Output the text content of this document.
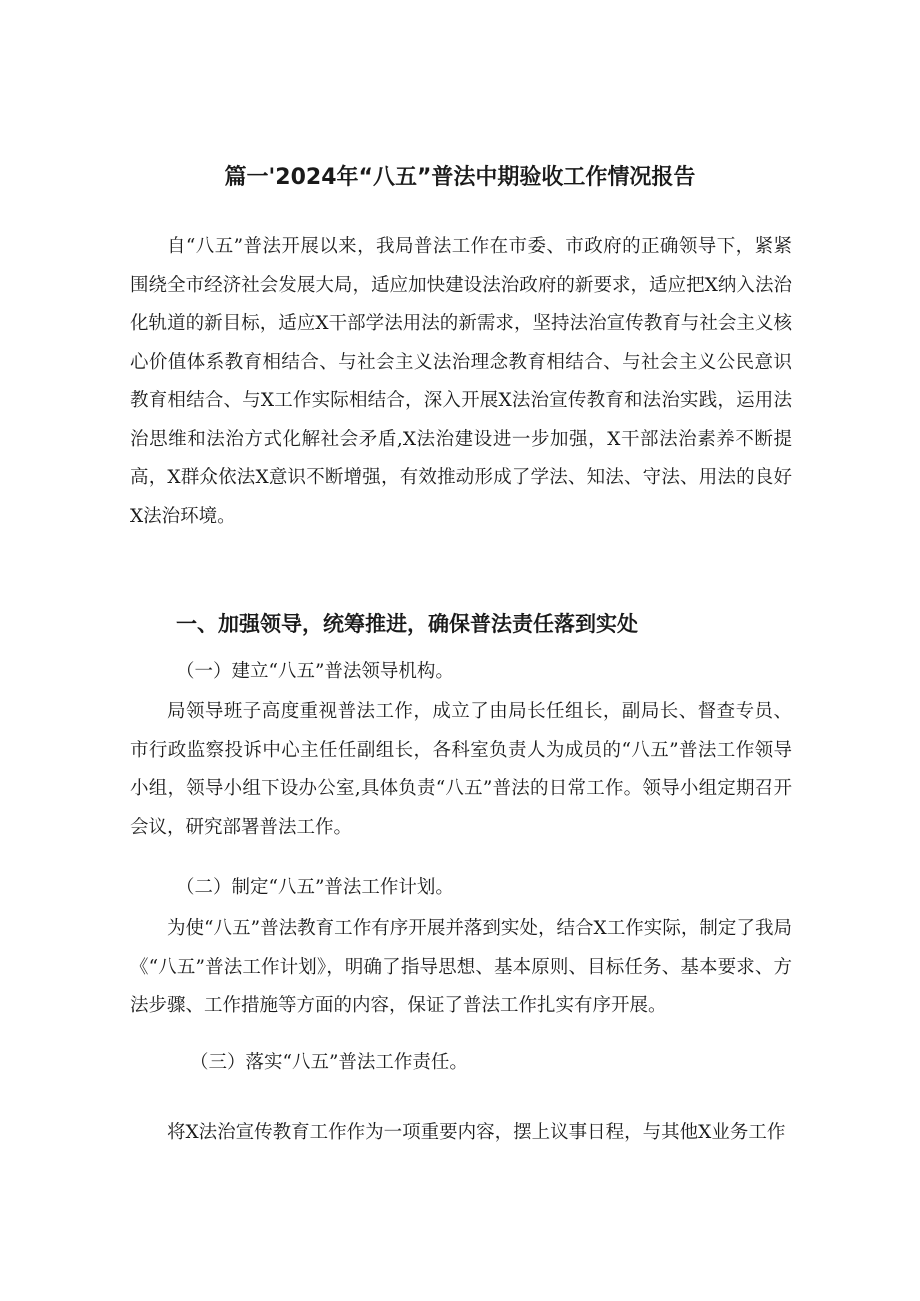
篇一'2024年“八五”普法中期验收工作情况报告

自“八五”普法开展以来，我局普法工作在市委、市政府的正确领导下，紧紧围绕全市经济社会发展大局，适应加快建设法治政府的新要求，适应把X纳入法治化轨道的新目标，适应X干部学法用法的新需求，坚持法治宣传教育与社会主义核心价值体系教育相结合、与社会主义法治理念教育相结合、与社会主义公民意识教育相结合、与X工作实际相结合，深入开展X法治宣传教育和法治实践，运用法治思维和法治方式化解社会矛盾,X法治建设进一步加强，X干部法治素养不断提高，X群众依法X意识不断增强，有效推动形成了学法、知法、守法、用法的良好X法治环境。

一、加强领导，统筹推进，确保普法责任落到实处
（一）建立“八五”普法领导机构。

局领导班子高度重视普法工作，成立了由局长任组长，副局长、督查专员、市行政监察投诉中心主任任副组长，各科室负责人为成员的“八五”普法工作领导小组，领导小组下设办公室,具体负责“八五”普法的日常工作。领导小组定期召开会议，研究部署普法工作。

（二）制定“八五”普法工作计划。

为使“八五”普法教育工作有序开展并落到实处，结合X工作实际，制定了我局《“八五”普法工作计划》，明确了指导思想、基本原则、目标任务、基本要求、方法步骤、工作措施等方面的内容，保证了普法工作扎实有序开展。

（三）落实“八五”普法工作责任。

将X法治宣传教育工作作为一项重要内容，摆上议事日程，与其他X业务工作
